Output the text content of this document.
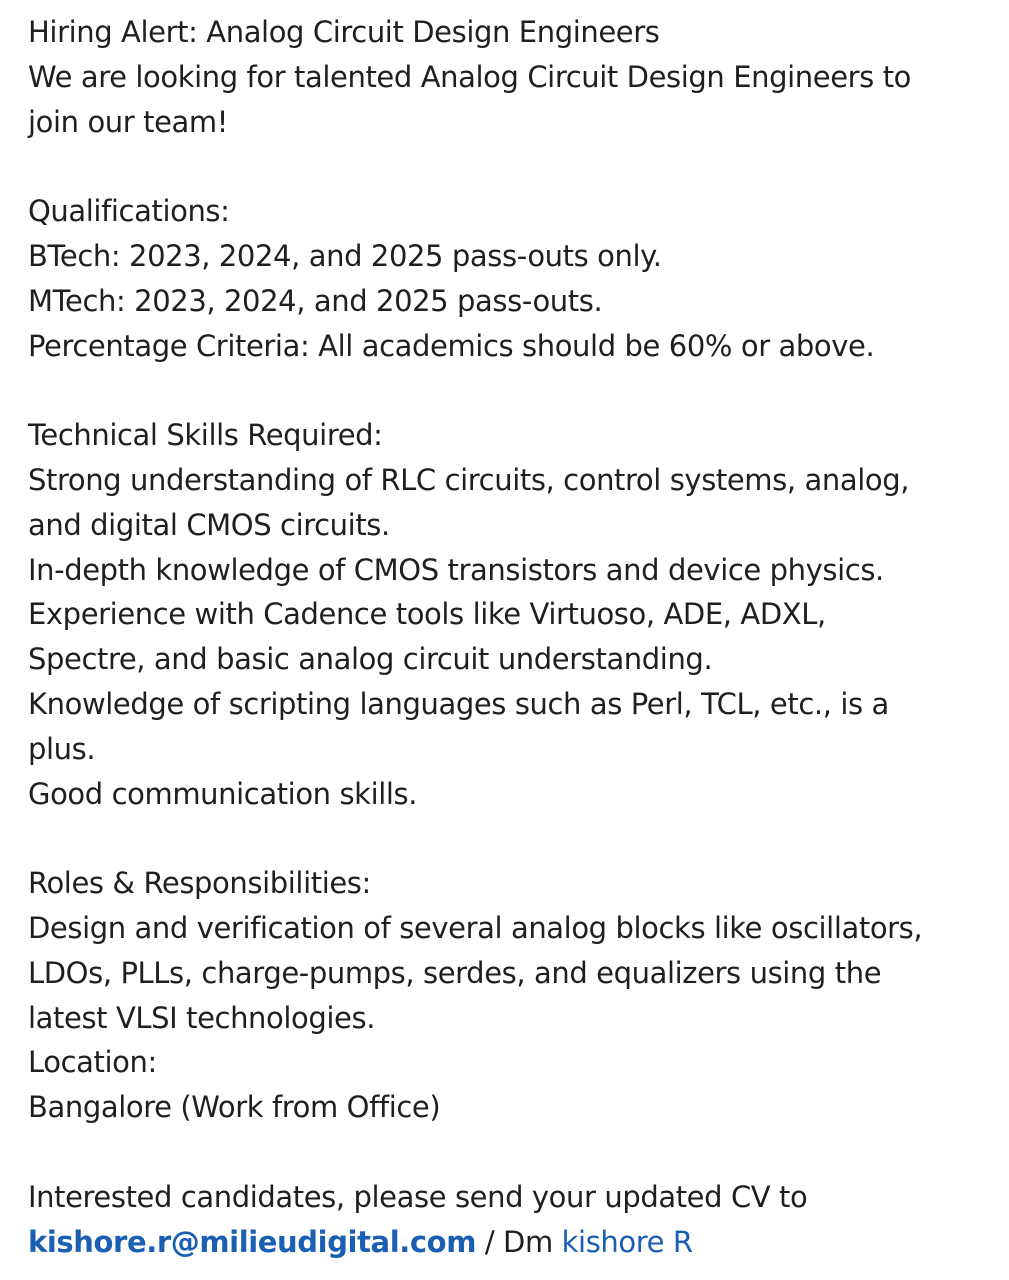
Hiring Alert: Analog Circuit Design Engineers
We are looking for talented Analog Circuit Design Engineers to
join our team!
Qualifications:
BTech: 2023, 2024, and 2025 pass-outs only.
MTech: 2023, 2024, and 2025 pass-outs.
Percentage Criteria: All academics should be 60% or above.
Technical Skills Required:
Strong understanding of RLC circuits, control systems, analog,
and digital CMOS circuits.
In-depth knowledge of CMOS transistors and device physics.
Experience with Cadence tools like Virtuoso, ADE, ADXL,
Spectre, and basic analog circuit understanding.
Knowledge of scripting languages such as Perl, TCL, etc., is a
plus.
Good communication skills.
Roles & Responsibilities:
Design and verification of several analog blocks like oscillators,
LDOs, PLLs, charge-pumps, serdes, and equalizers using the
latest VLSI technologies.
Location:
Bangalore (Work from Office)
Interested candidates, please send your updated CV to
kishore.r@milieudigital.com / Dm kishore R
